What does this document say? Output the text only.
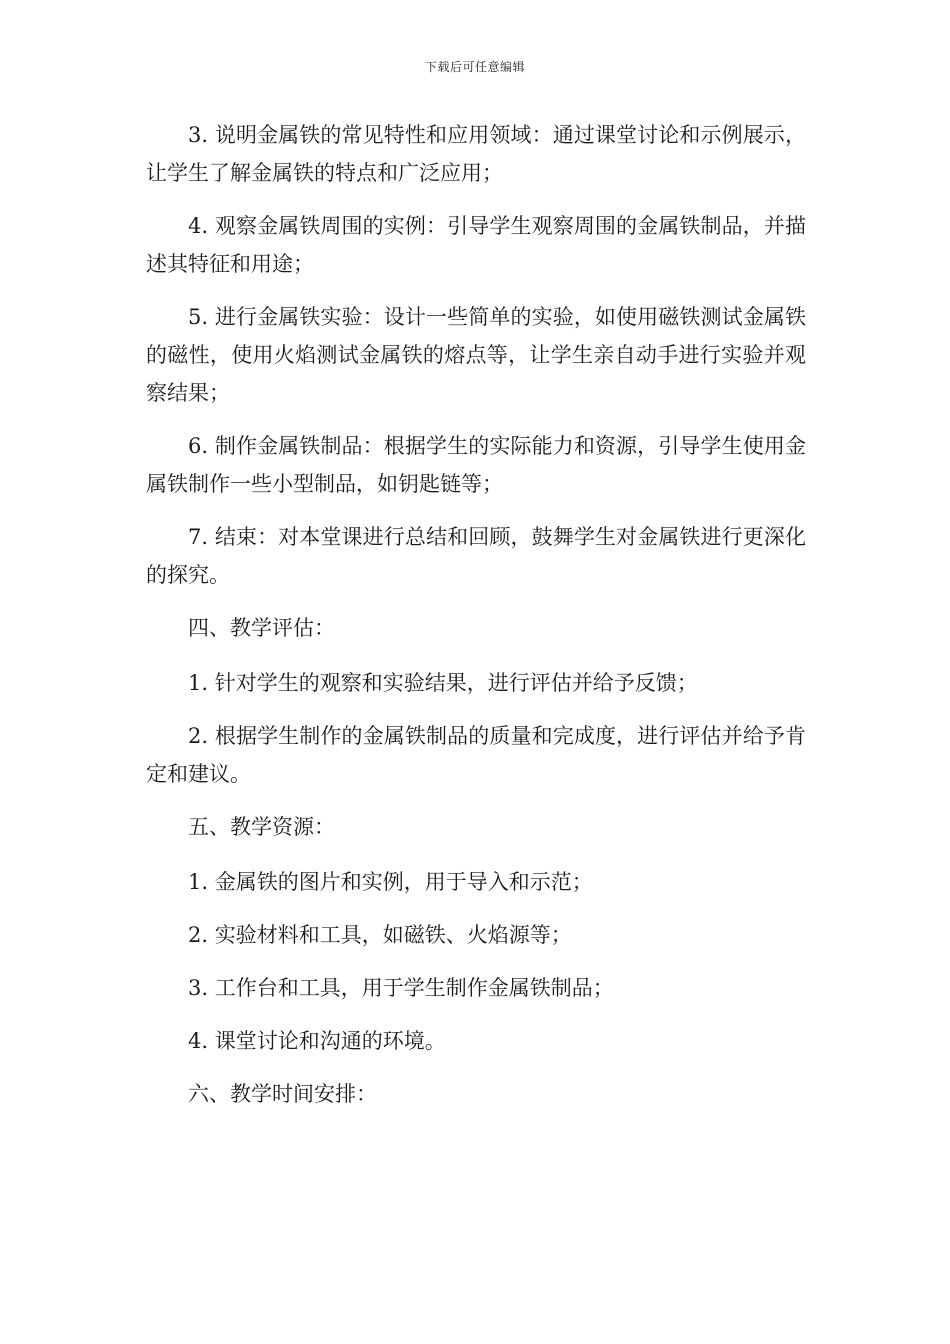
下载后可任意编辑

3. 说明金属铁的常见特性和应用领域：通过课堂讨论和示例展示，让学生了解金属铁的特点和广泛应用；

4. 观察金属铁周围的实例：引导学生观察周围的金属铁制品，并描述其特征和用途；

5. 进行金属铁实验：设计一些简单的实验，如使用磁铁测试金属铁的磁性，使用火焰测试金属铁的熔点等，让学生亲自动手进行实验并观察结果；

6. 制作金属铁制品：根据学生的实际能力和资源，引导学生使用金属铁制作一些小型制品，如钥匙链等；

7. 结束：对本堂课进行总结和回顾，鼓舞学生对金属铁进行更深化的探究。

四、教学评估：

1. 针对学生的观察和实验结果，进行评估并给予反馈；

2. 根据学生制作的金属铁制品的质量和完成度，进行评估并给予肯定和建议。

五、教学资源：

1. 金属铁的图片和实例，用于导入和示范；

2. 实验材料和工具，如磁铁、火焰源等；

3. 工作台和工具，用于学生制作金属铁制品；

4. 课堂讨论和沟通的环境。

六、教学时间安排：
